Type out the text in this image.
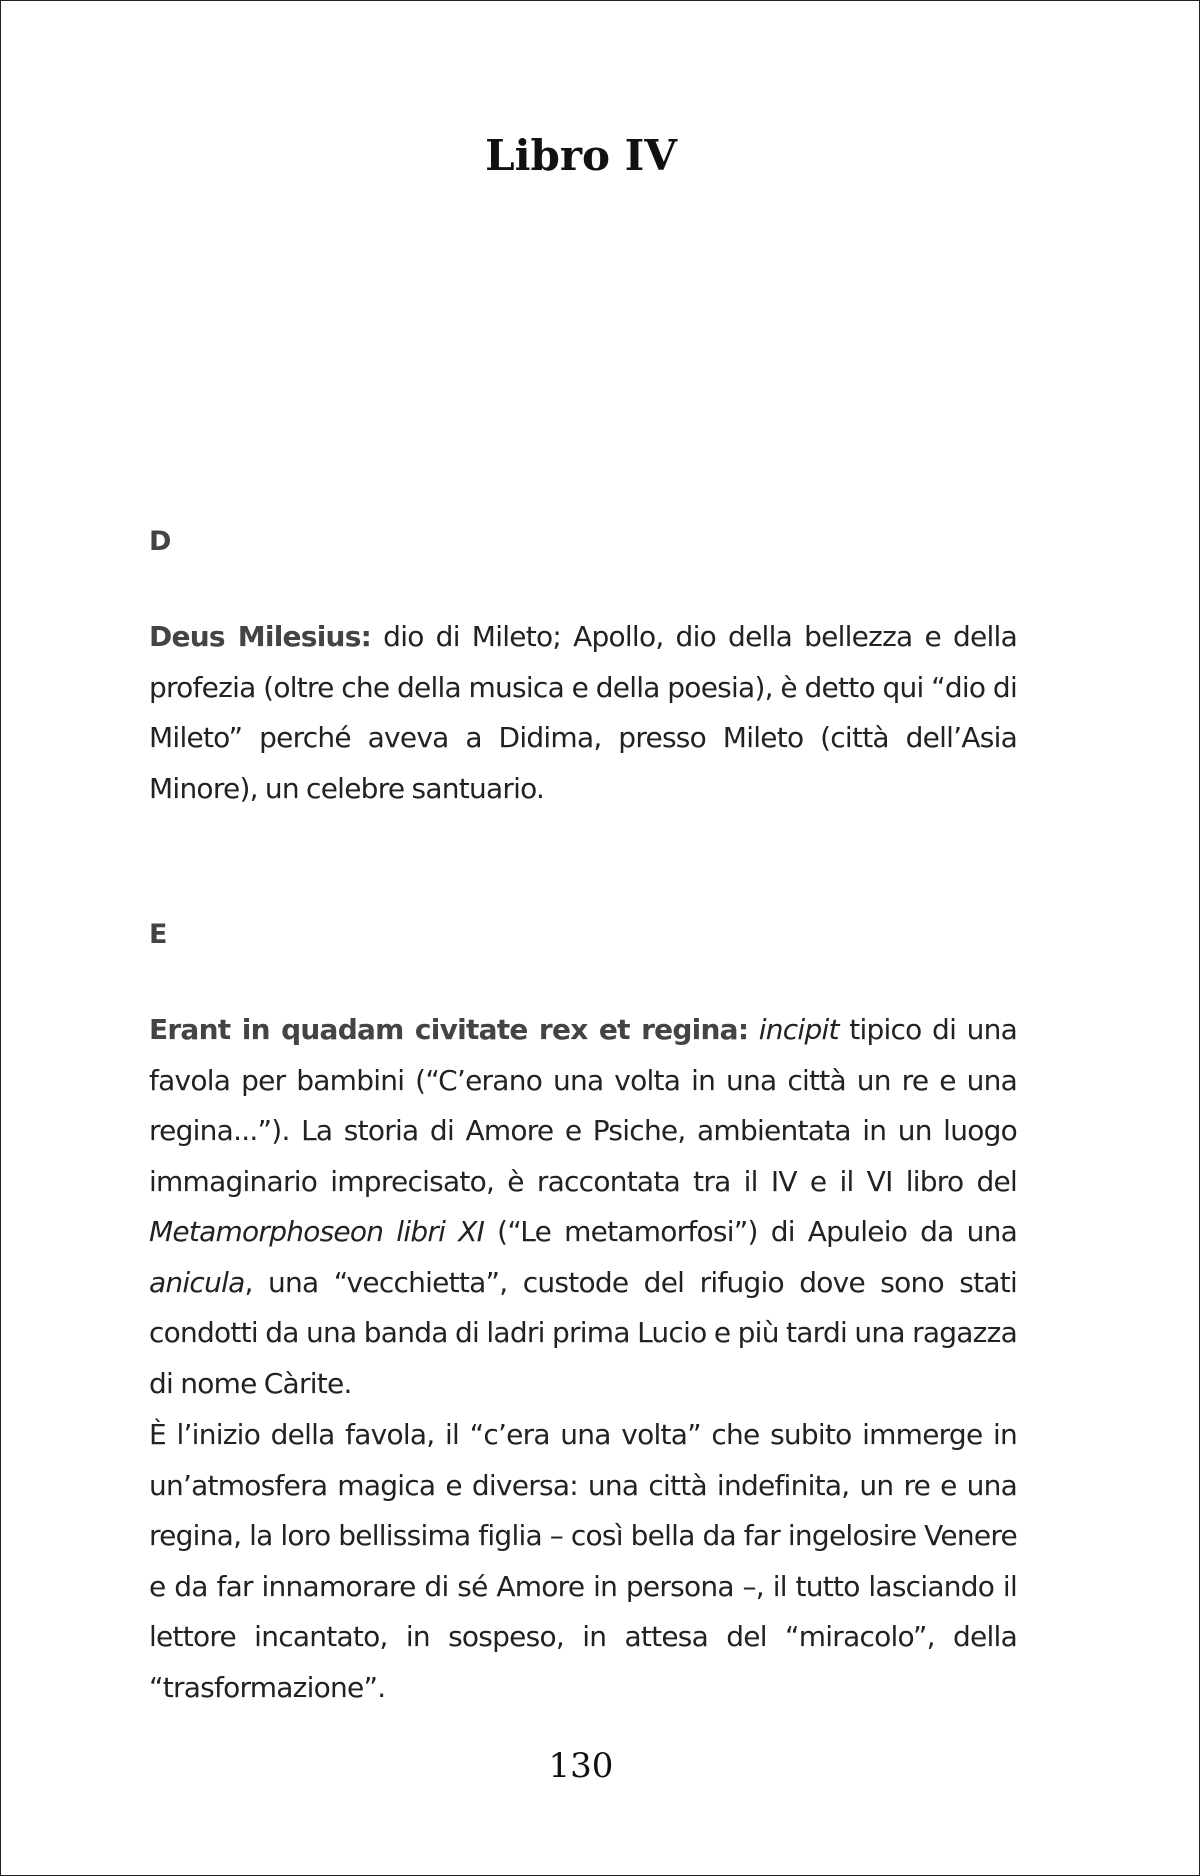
Libro IV
D

Deus Milesius: dio di Mileto; Apollo, dio della bellezza e della profezia (oltre che della musica e della poesia), è detto qui “dio di Mileto” perché aveva a Didima, presso Mileto (città dell’Asia Minore), un celebre santuario.

E

Erant in quadam civitate rex et regina: incipit tipico di una favola per bambini (“C’erano una volta in una città un re e una regina...”). La storia di Amore e Psiche, ambientata in un luogo immaginario imprecisato, è raccontata tra il IV e il VI libro del Metamorphoseon libri XI (“Le metamorfosi”) di Apuleio da una anicula, una “vecchietta”, custode del rifugio dove sono stati condotti da una banda di ladri prima Lucio e più tardi una ragazza di nome Càrite.

È l’inizio della favola, il “c’era una volta” che subito immerge in un’atmosfera magica e diversa: una città indefinita, un re e una regina, la loro bellissima figlia – così bella da far ingelosire Venere e da far innamorare di sé Amore in persona –, il tutto lasciando il lettore incantato, in sospeso, in attesa del “miracolo”, della “trasformazione”.

130
